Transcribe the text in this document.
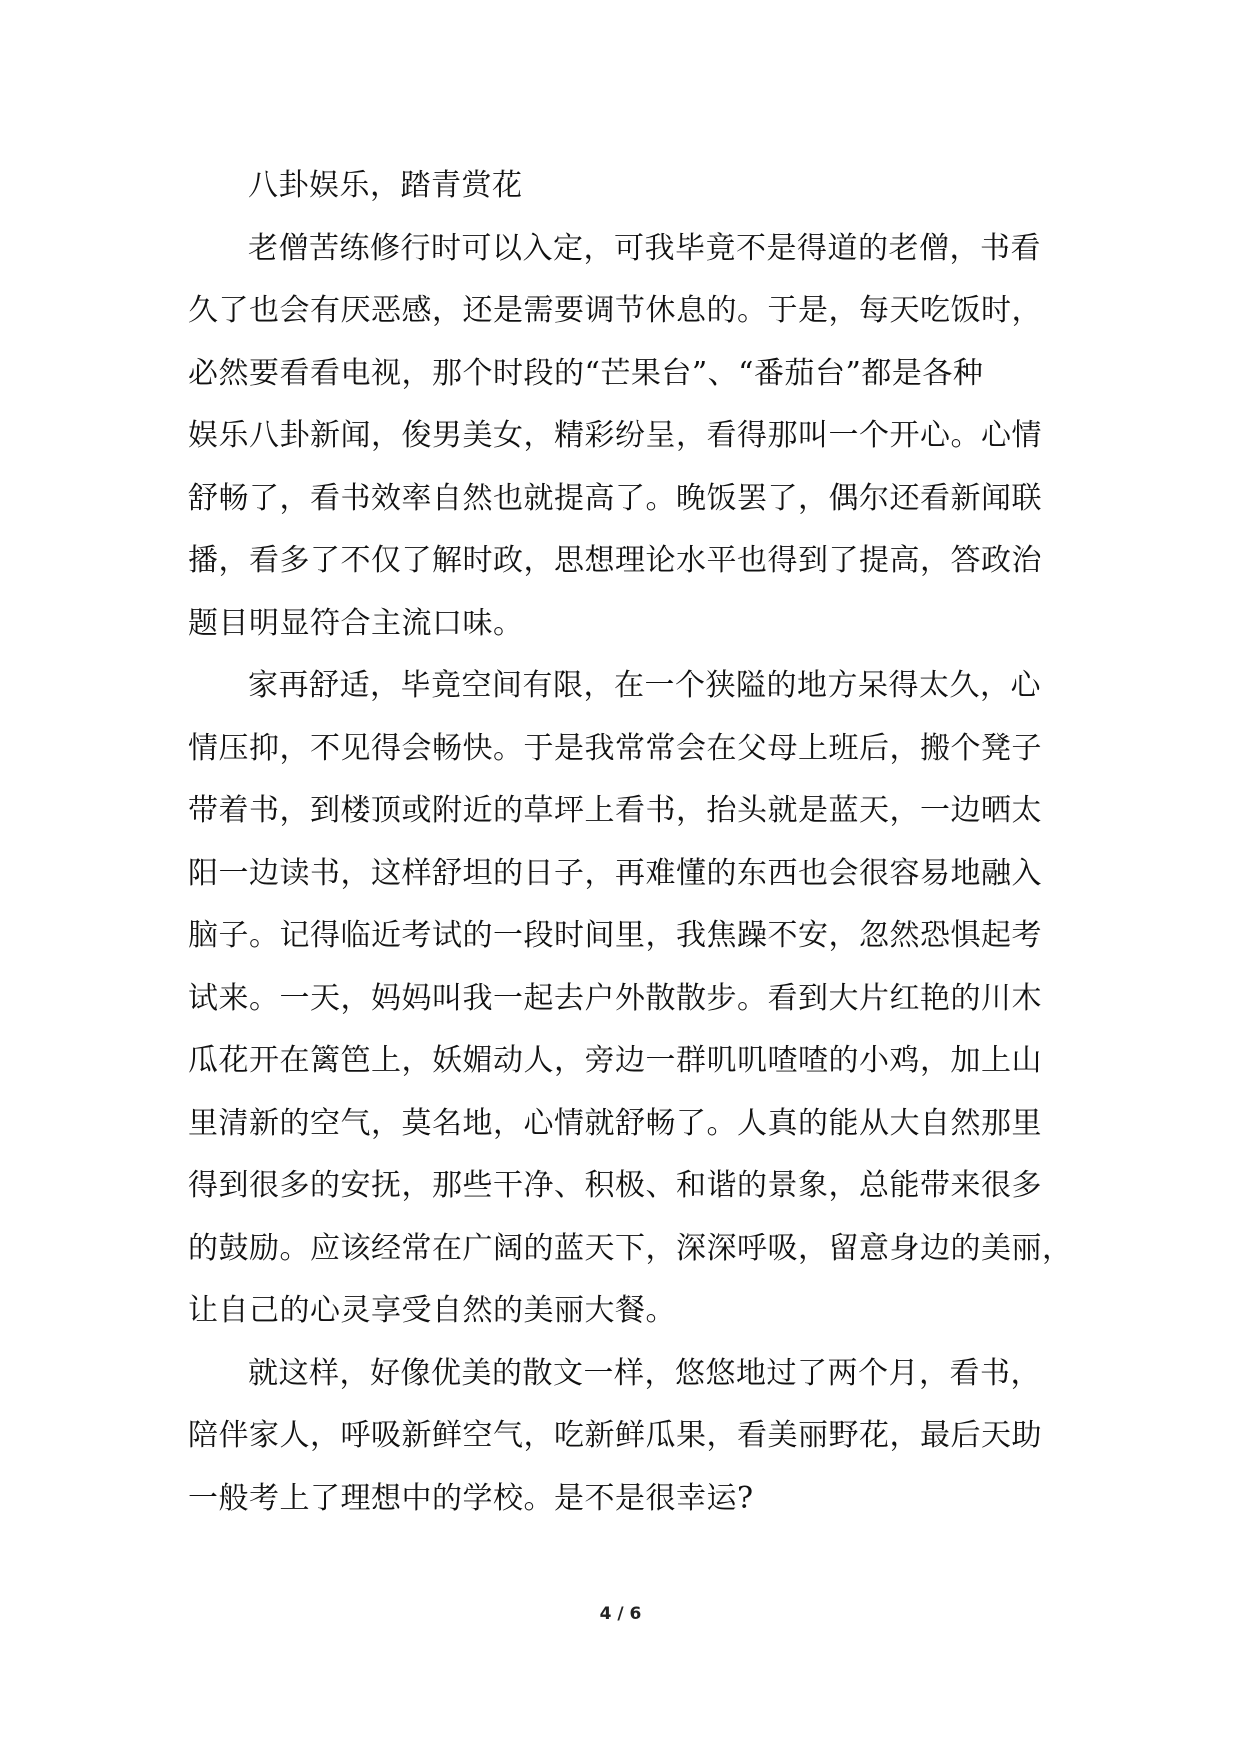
八卦娱乐，踏青赏花
老僧苦练修行时可以入定，可我毕竟不是得道的老僧，书看
久了也会有厌恶感，还是需要调节休息的。于是，每天吃饭时，
必然要看看电视，那个时段的“芒果台”、“番茄台”都是各种
娱乐八卦新闻，俊男美女，精彩纷呈，看得那叫一个开心。心情
舒畅了，看书效率自然也就提高了。晚饭罢了，偶尔还看新闻联
播，看多了不仅了解时政，思想理论水平也得到了提高，答政治
题目明显符合主流口味。
家再舒适，毕竟空间有限，在一个狭隘的地方呆得太久，心
情压抑，不见得会畅快。于是我常常会在父母上班后，搬个凳子
带着书，到楼顶或附近的草坪上看书，抬头就是蓝天，一边晒太
阳一边读书，这样舒坦的日子，再难懂的东西也会很容易地融入
脑子。记得临近考试的一段时间里，我焦躁不安，忽然恐惧起考
试来。一天，妈妈叫我一起去户外散散步。看到大片红艳的川木
瓜花开在篱笆上，妖媚动人，旁边一群叽叽喳喳的小鸡，加上山
里清新的空气，莫名地，心情就舒畅了。人真的能从大自然那里
得到很多的安抚，那些干净、积极、和谐的景象，总能带来很多
的鼓励。应该经常在广阔的蓝天下，深深呼吸，留意身边的美丽，
让自己的心灵享受自然的美丽大餐。
就这样，好像优美的散文一样，悠悠地过了两个月，看书，
陪伴家人，呼吸新鲜空气，吃新鲜瓜果，看美丽野花，最后天助
一般考上了理想中的学校。是不是很幸运?
4 / 6
